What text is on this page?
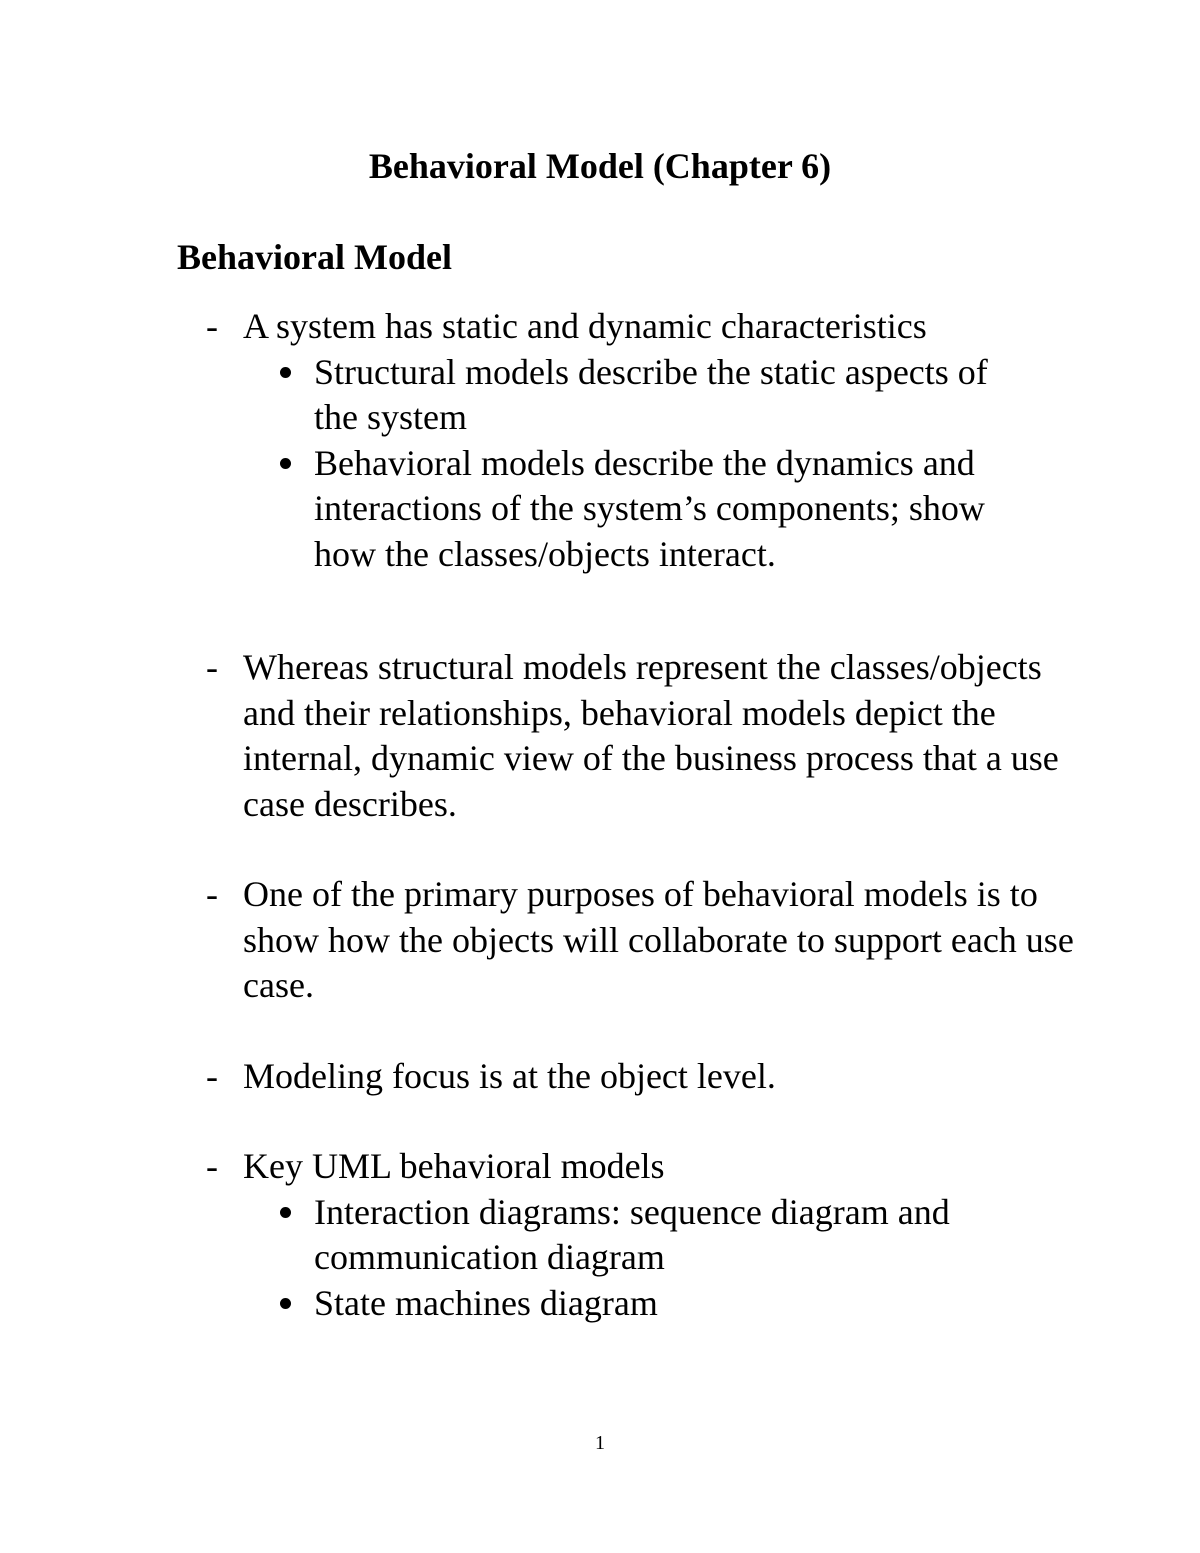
Behavioral Model (Chapter 6)
Behavioral Model
- A system has static and dynamic characteristics
Structural models describe the static aspects of the system
Behavioral models describe the dynamics and interactions of the system’s components; show how the classes/objects interact.
- Whereas structural models represent the classes/objects and their relationships, behavioral models depict the internal, dynamic view of the business process that a use case describes.
- One of the primary purposes of behavioral models is to show how the objects will collaborate to support each use case.
- Modeling focus is at the object level.
- Key UML behavioral models
Interaction diagrams: sequence diagram and communication diagram
State machines diagram
1
